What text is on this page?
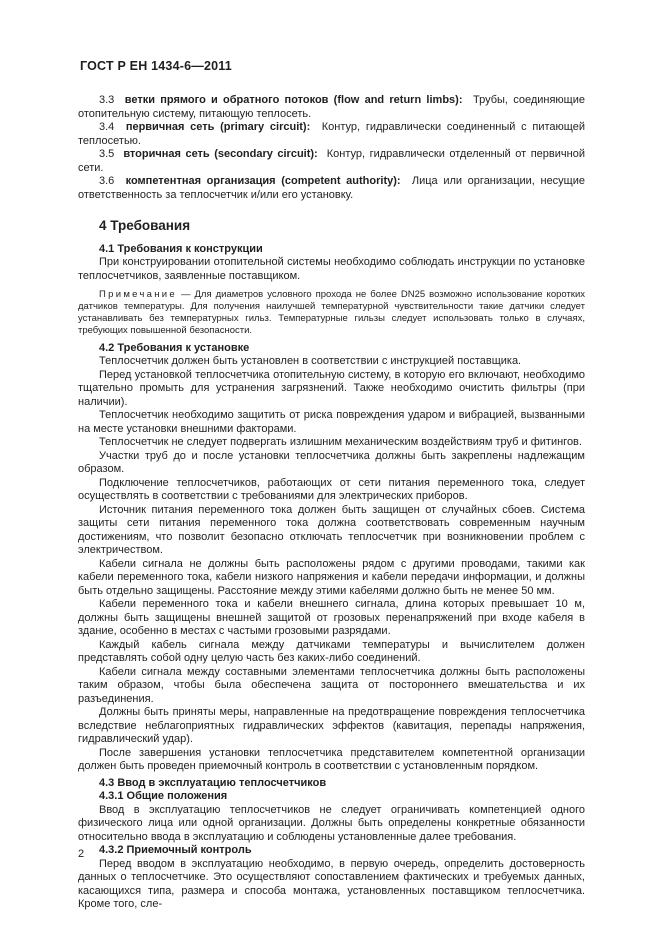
ГОСТ Р ЕН 1434-6—2011

3.3 ветки прямого и обратного потоков (flow and return limbs): Трубы, соединяющие отопительную систему, питающую теплосеть.

3.4 первичная сеть (primary circuit): Контур, гидравлически соединенный с питающей теплосетью.

3.5 вторичная сеть (secondary circuit): Контур, гидравлически отделенный от первичной сети.

3.6 компетентная организация (competent authority): Лица или организации, несущие ответственность за теплосчетчик и/или его установку.

4 Требования

4.1 Требования к конструкции

При конструировании отопительной системы необходимо соблюдать инструкции по установке теплосчетчиков, заявленные поставщиком.

Примечание — Для диаметров условного прохода не более DN25 возможно использование коротких датчиков температуры. Для получения наилучшей температурной чувствительности такие датчики следует устанавливать без температурных гильз. Температурные гильзы следует использовать только в случаях, требующих повышенной безопасности.

4.2 Требования к установке

Теплосчетчик должен быть установлен в соответствии с инструкцией поставщика.

Перед установкой теплосчетчика отопительную систему, в которую его включают, необходимо тщательно промыть для устранения загрязнений. Также необходимо очистить фильтры (при наличии).

Теплосчетчик необходимо защитить от риска повреждения ударом и вибрацией, вызванными на месте установки внешними факторами.

Теплосчетчик не следует подвергать излишним механическим воздействиям труб и фитингов.

Участки труб до и после установки теплосчетчика должны быть закреплены надлежащим образом.

Подключение теплосчетчиков, работающих от сети питания переменного тока, следует осуществлять в соответствии с требованиями для электрических приборов.

Источник питания переменного тока должен быть защищен от случайных сбоев. Система защиты сети питания переменного тока должна соответствовать современным научным достижениям, что позволит безопасно отключать теплосчетчик при возникновении проблем с электричеством.

Кабели сигнала не должны быть расположены рядом с другими проводами, такими как кабели переменного тока, кабели низкого напряжения и кабели передачи информации, и должны быть отдельно защищены. Расстояние между этими кабелями должно быть не менее 50 мм.

Кабели переменного тока и кабели внешнего сигнала, длина которых превышает 10 м, должны быть защищены внешней защитой от грозовых перенапряжений при входе кабеля в здание, особенно в местах с частыми грозовыми разрядами.

Каждый кабель сигнала между датчиками температуры и вычислителем должен представлять собой одну целую часть без каких-либо соединений.

Кабели сигнала между составными элементами теплосчетчика должны быть расположены таким образом, чтобы была обеспечена защита от постороннего вмешательства и их разъединения.

Должны быть приняты меры, направленные на предотвращение повреждения теплосчетчика вследствие неблагоприятных гидравлических эффектов (кавитация, перепады напряжения, гидравлический удар).

После завершения установки теплосчетчика представителем компетентной организации должен быть проведен приемочный контроль в соответствии с установленным порядком.

4.3 Ввод в эксплуатацию теплосчетчиков

4.3.1 Общие положения

Ввод в эксплуатацию теплосчетчиков не следует ограничивать компетенцией одного физического лица или одной организации. Должны быть определены конкретные обязанности относительно ввода в эксплуатацию и соблюдены установленные далее требования.

4.3.2 Приемочный контроль

Перед вводом в эксплуатацию необходимо, в первую очередь, определить достоверность данных о теплосчетчике. Это осуществляют сопоставлением фактических и требуемых данных, касающихся типа, размера и способа монтажа, установленных поставщиком теплосчетчика. Кроме того, сле-

2
